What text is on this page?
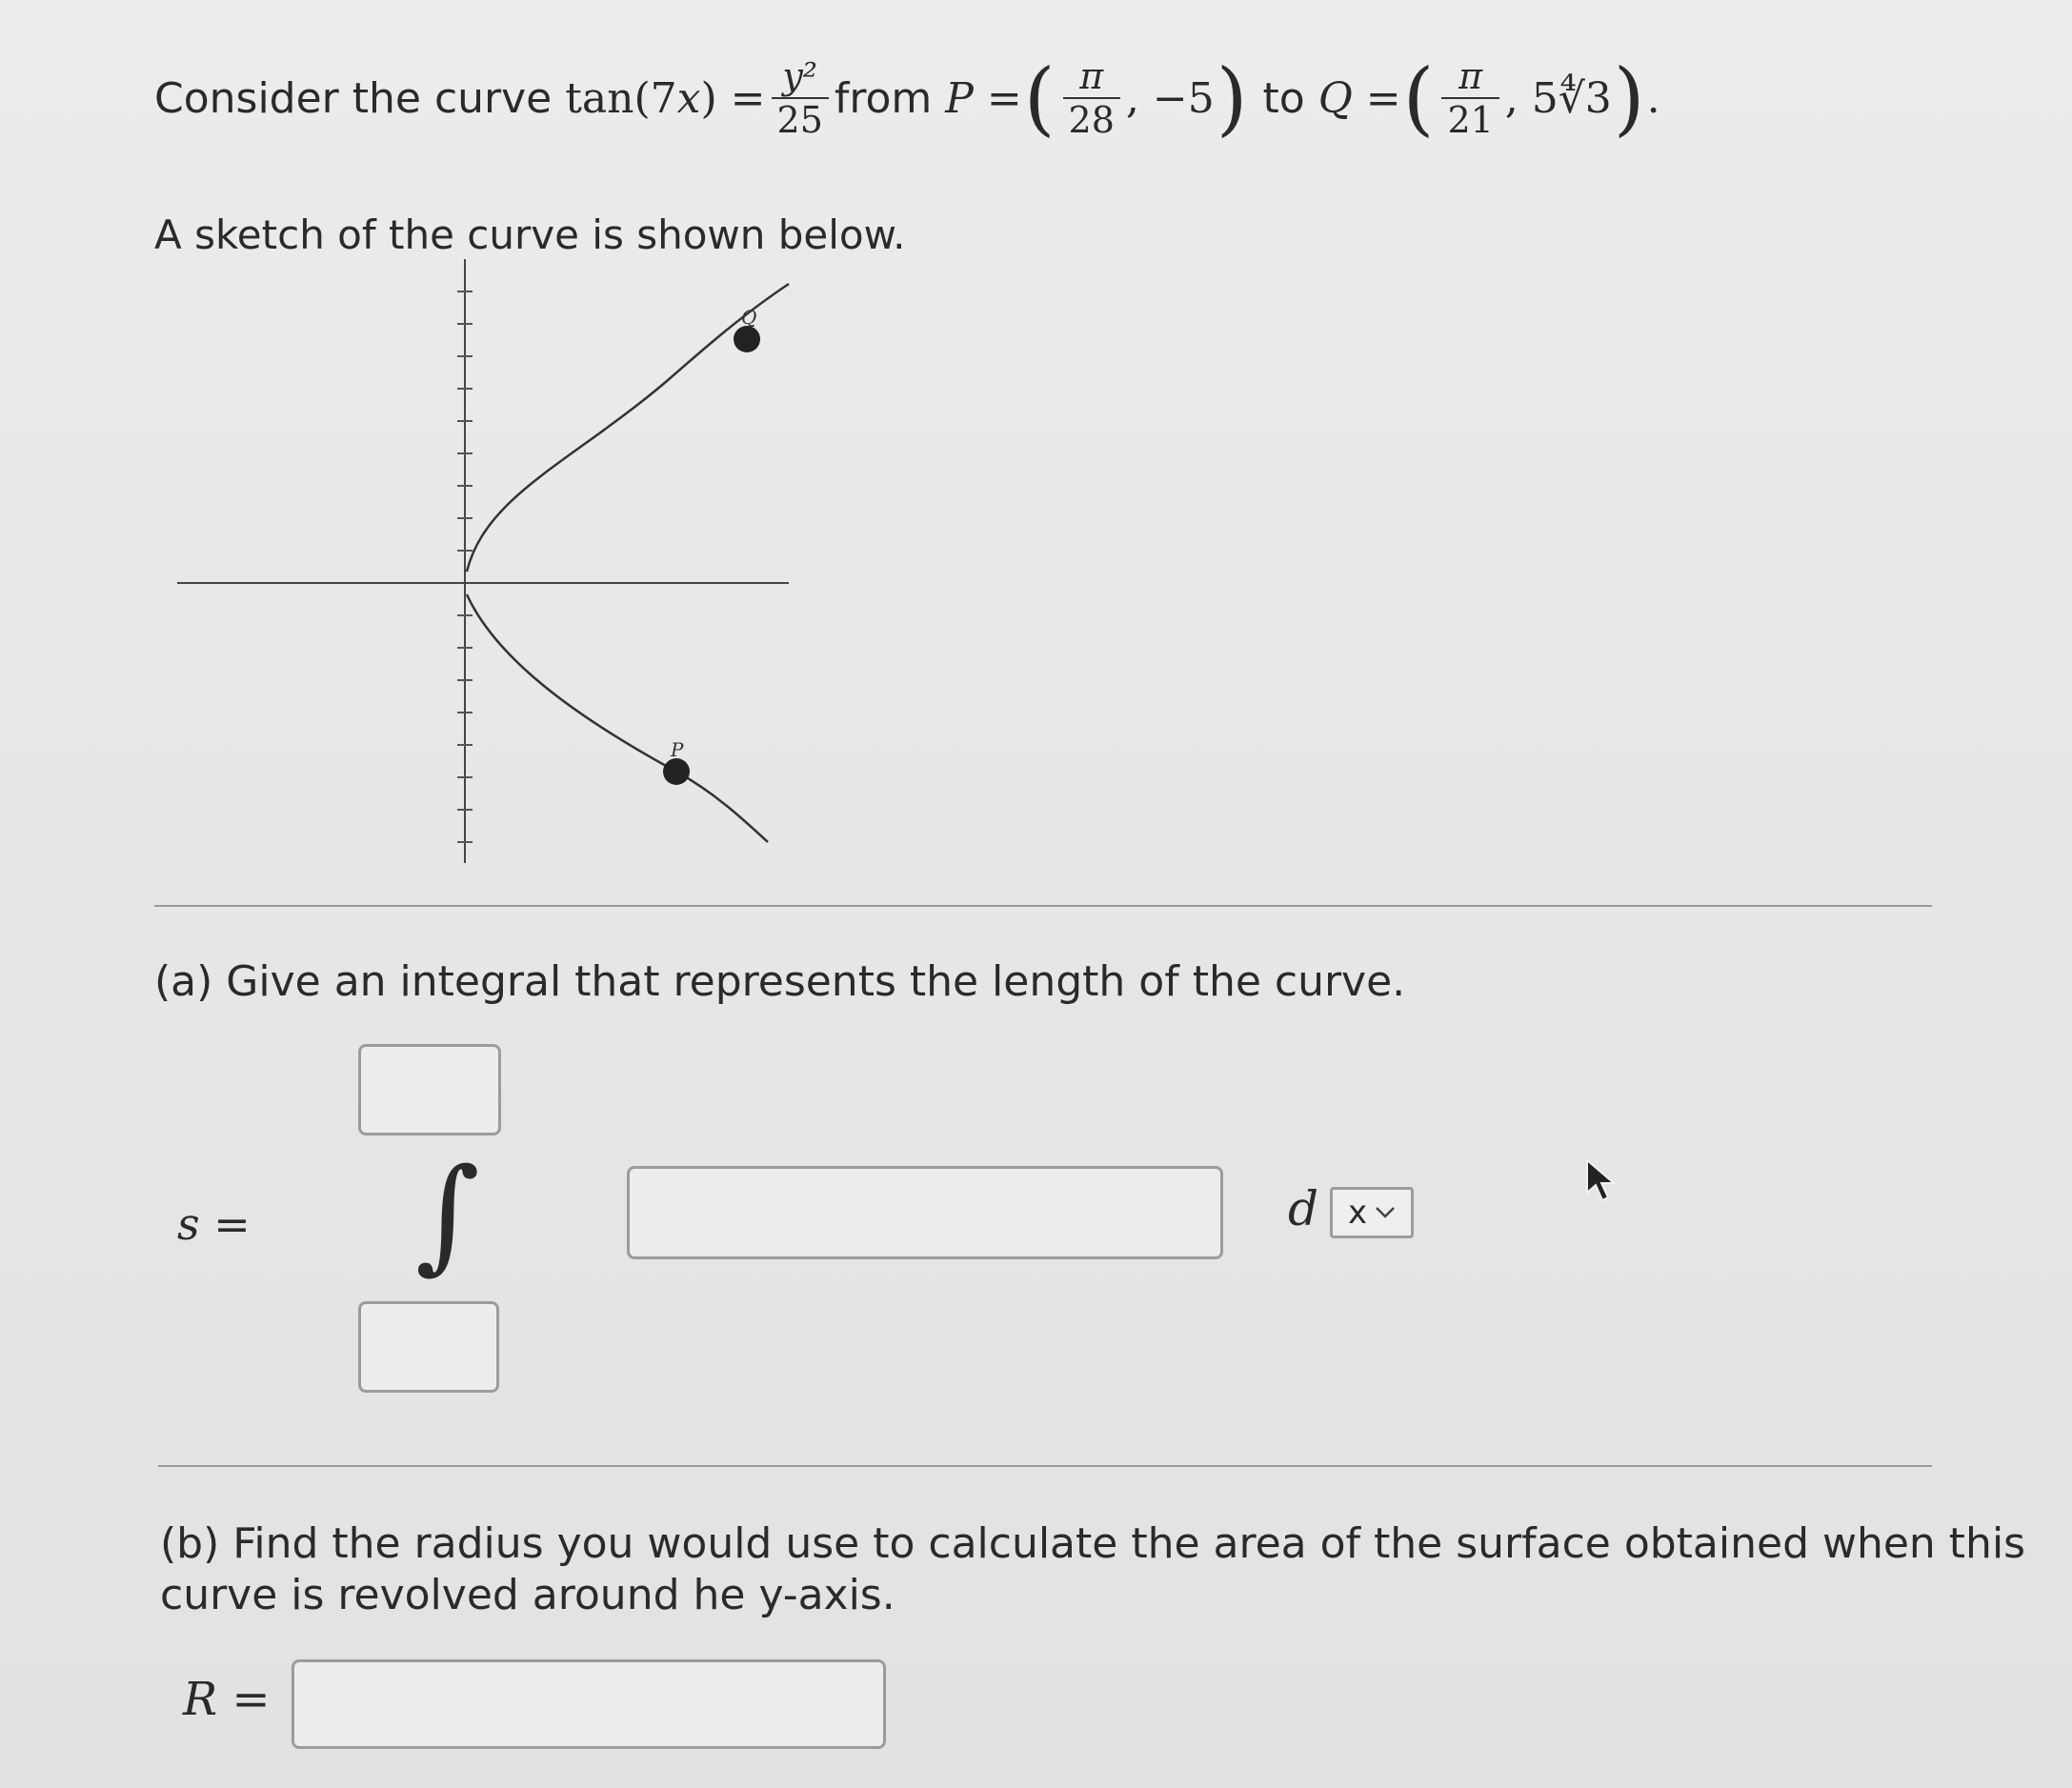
Consider the curve tan(7 x ) = $\frac{\text{y²}}{25}$ from P = ( $\frac{\pi}{28}$ , −5 ) to Q = ( $\frac{\pi}{21}$ , 5∜3 ) .
A sketch of the curve is shown below.
Q
P
(a) Give an integral that represents the length of the curve.
s = ∫	d x
(b) Find the radius you would use to calculate the area of the surface obtained when this
curve is revolved around he y-axis.
R =
